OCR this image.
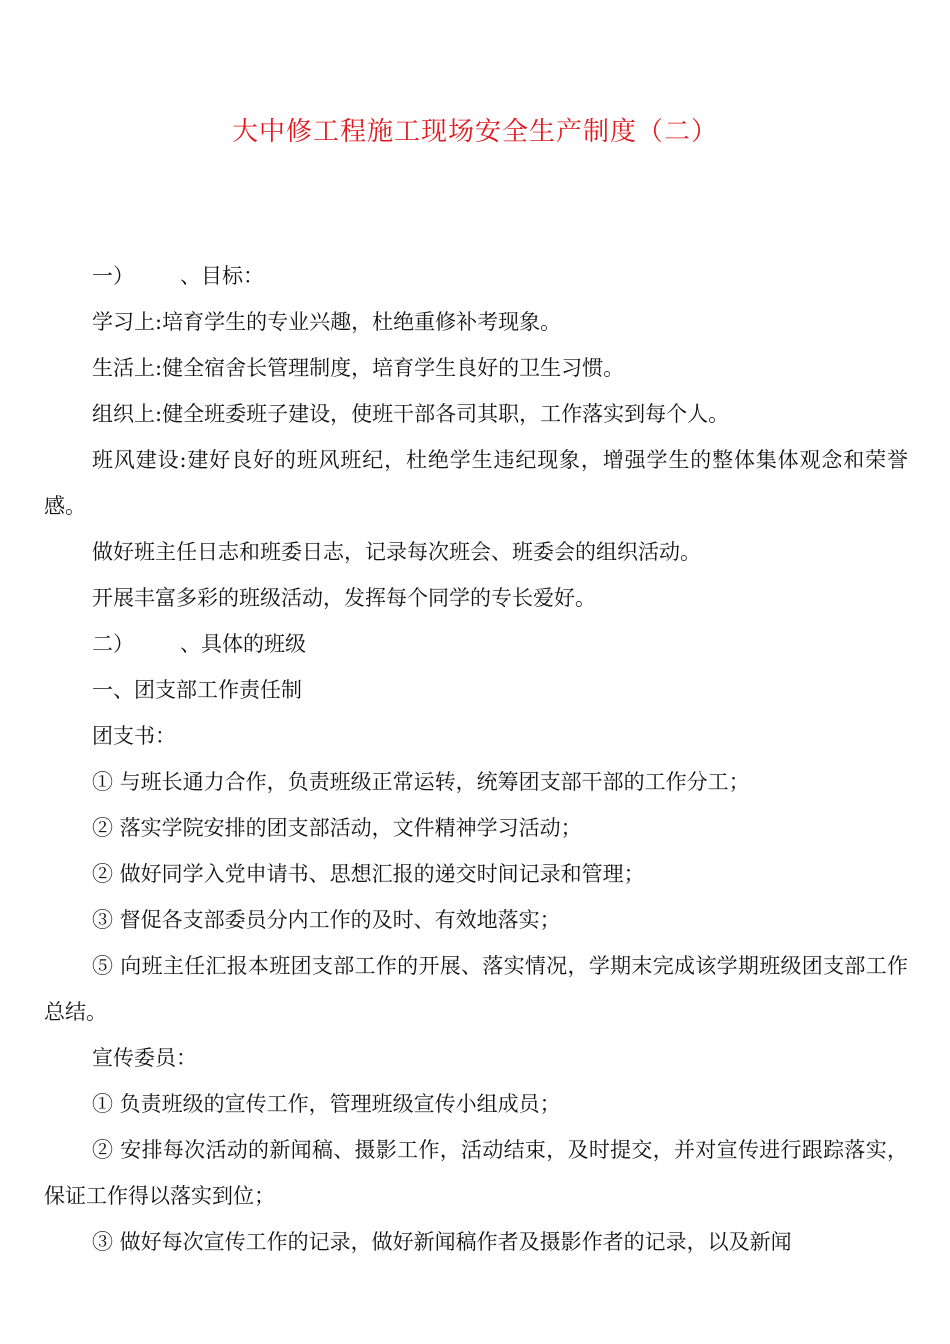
大中修工程施工现场安全生产制度（二）

一） 、目标：

学习上:培育学生的专业兴趣，杜绝重修补考现象。

生活上:健全宿舍长管理制度，培育学生良好的卫生习惯。

组织上:健全班委班子建设，使班干部各司其职，工作落实到每个人。

班风建设:建好良好的班风班纪，杜绝学生违纪现象，增强学生的整体集体观念和荣誉感。

做好班主任日志和班委日志，记录每次班会、班委会的组织活动。

开展丰富多彩的班级活动，发挥每个同学的专长爱好。

二） 、具体的班级

一、团支部工作责任制

团支书：

① 与班长通力合作，负责班级正常运转，统筹团支部干部的工作分工；

② 落实学院安排的团支部活动，文件精神学习活动；

② 做好同学入党申请书、思想汇报的递交时间记录和管理；

③ 督促各支部委员分内工作的及时、有效地落实；

⑤ 向班主任汇报本班团支部工作的开展、落实情况，学期末完成该学期班级团支部工作总结。

宣传委员：

① 负责班级的宣传工作，管理班级宣传小组成员；

② 安排每次活动的新闻稿、摄影工作，活动结束，及时提交，并对宣传进行跟踪落实，保证工作得以落实到位；

③ 做好每次宣传工作的记录，做好新闻稿作者及摄影作者的记录，以及新闻
